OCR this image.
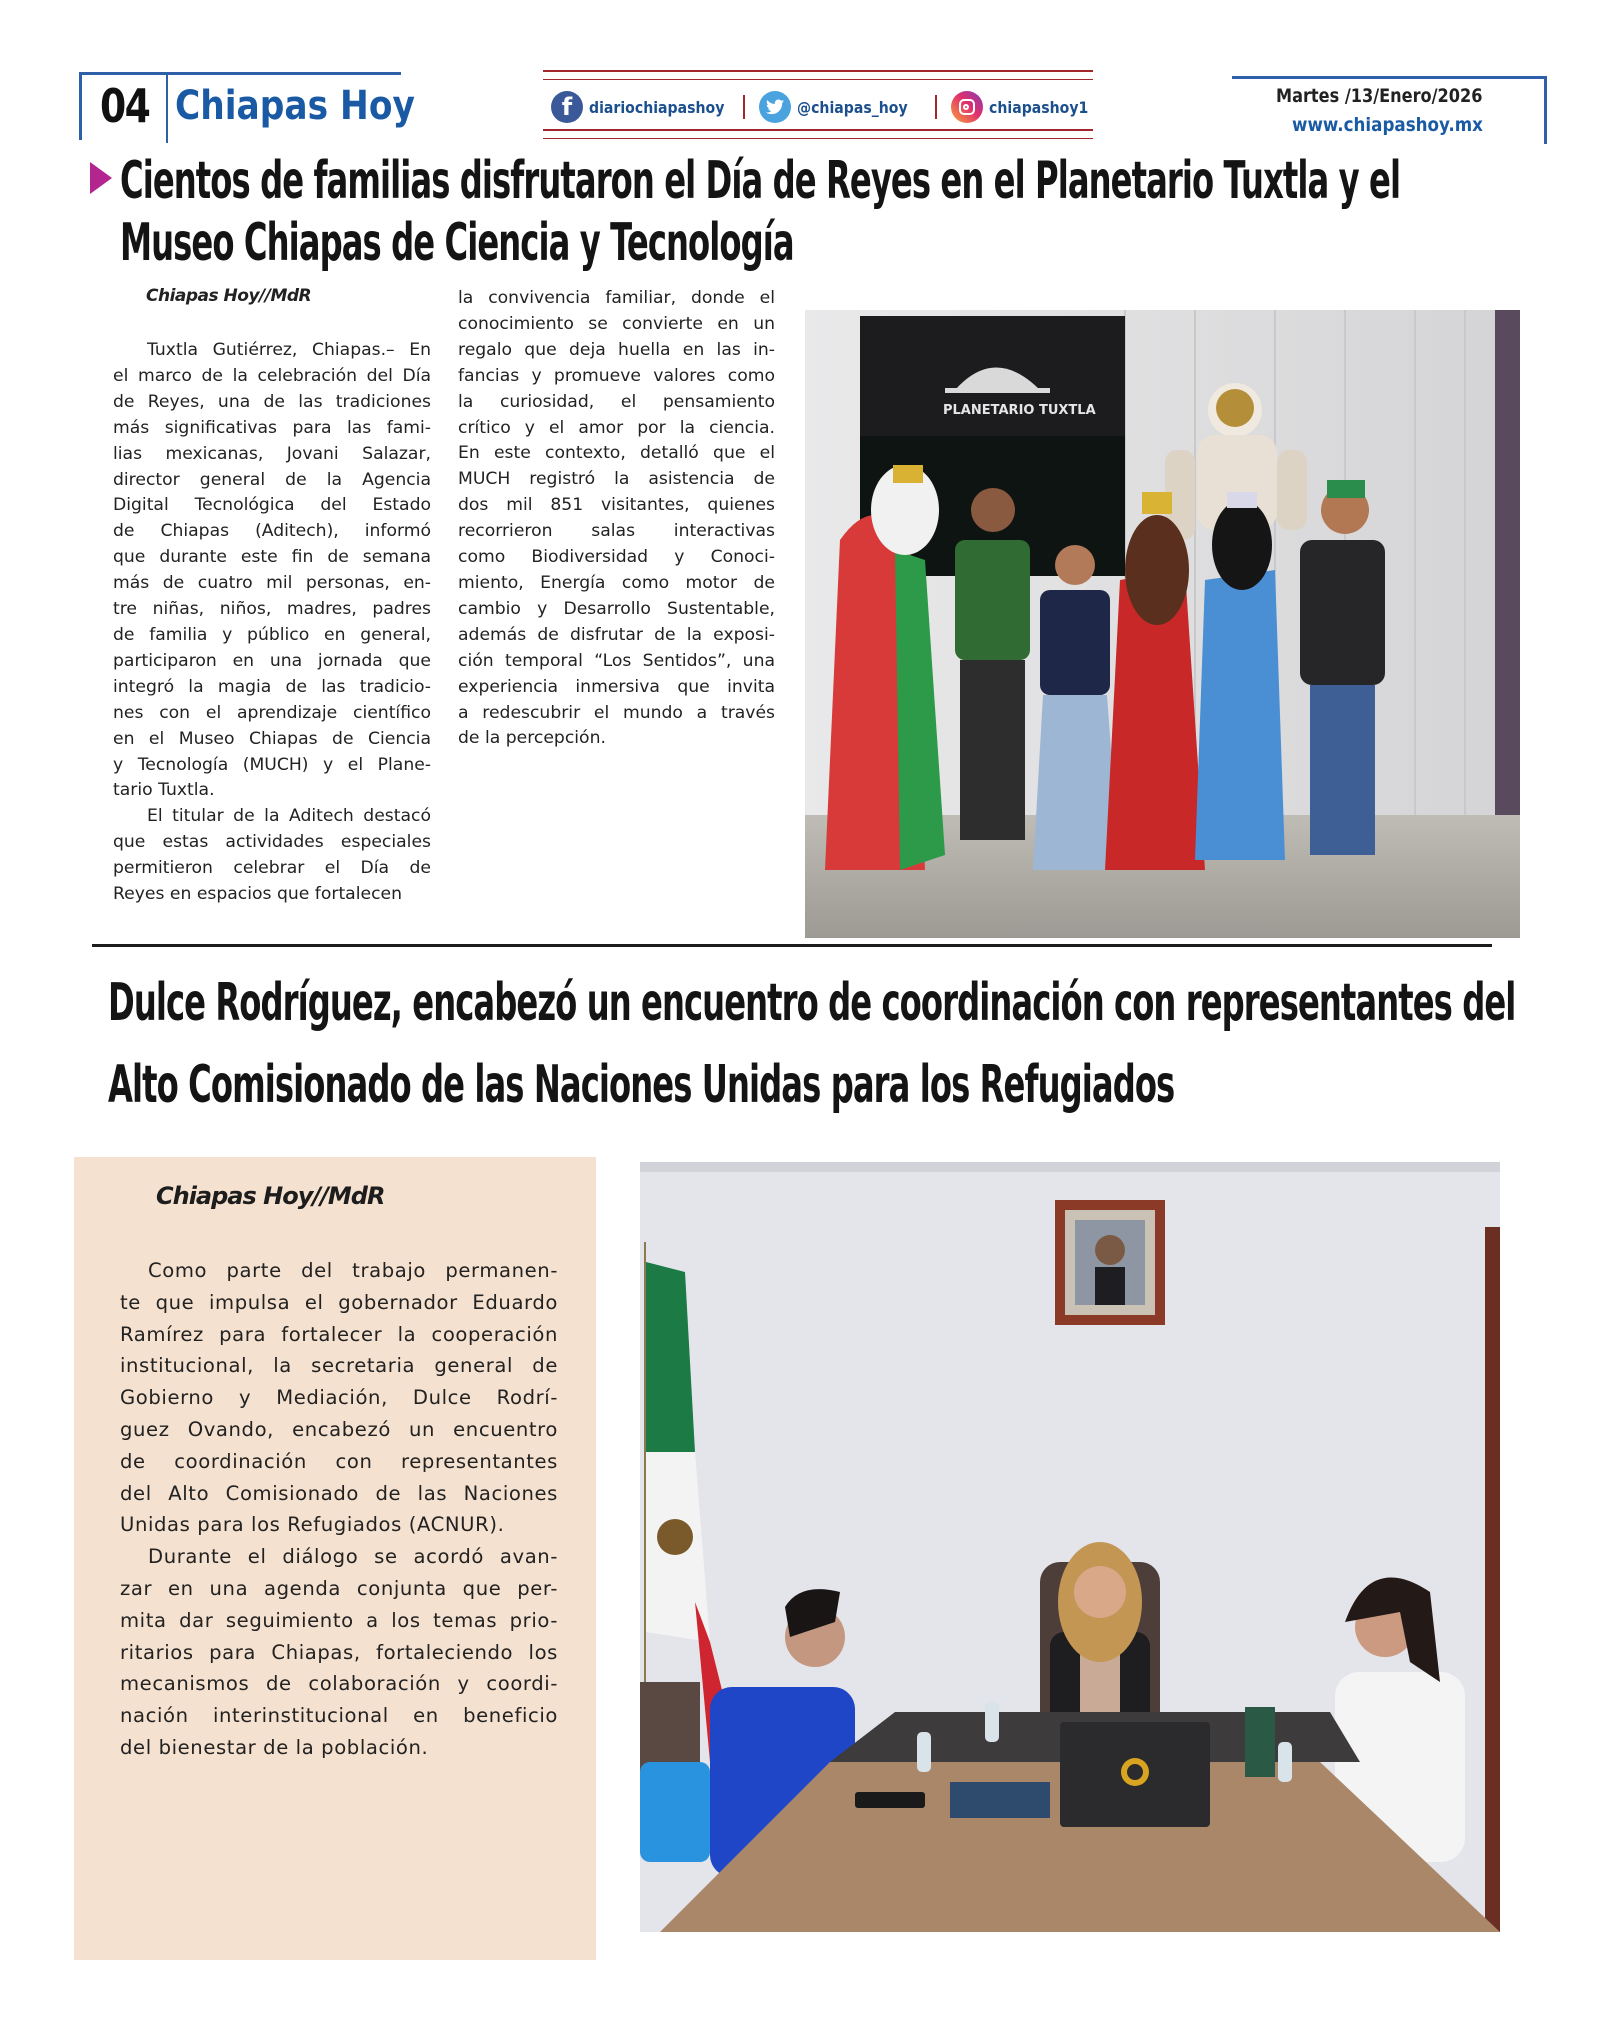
04 Chiapas Hoy	f	diariochiapashoy	@chiapas_hoy	chiapashoy1	Martes /13/Enero/2026
www.chiapashoy.mx
Cientos de familias disfrutaron el Día de Reyes en el Planetario Tuxtla y el
Museo Chiapas de Ciencia y Tecnología
Chiapas Hoy//MdR
Tuxtla Gutiérrez, Chiapas.– En
el marco de la celebración del Día
de Reyes, una de las tradiciones
más significativas para las fami-
lias mexicanas, Jovani Salazar,
director general de la Agencia
Digital Tecnológica del Estado
de Chiapas (Aditech), informó
que durante este fin de semana
más de cuatro mil personas, en-
tre niñas, niños, madres, padres
de familia y público en general,
participaron en una jornada que
integró la magia de las tradicio-
nes con el aprendizaje científico
en el Museo Chiapas de Ciencia
y Tecnología (MUCH) y el Plane-
tario Tuxtla.
El titular de la Aditech destacó
que estas actividades especiales
permitieron celebrar el Día de
Reyes en espacios que fortalecen
la convivencia familiar, donde el
conocimiento se convierte en un
regalo que deja huella en las in-
fancias y promueve valores como
la curiosidad, el pensamiento
crítico y el amor por la ciencia.
En este contexto, detalló que el
MUCH registró la asistencia de
dos mil 851 visitantes, quienes
recorrieron salas interactivas
como Biodiversidad y Conoci-
miento, Energía como motor de
cambio y Desarrollo Sustentable,
además de disfrutar de la exposi-
ción temporal “Los Sentidos”, una
experiencia inmersiva que invita
a redescubrir el mundo a través
de la percepción.
PLANETARIO TUXTLA
Dulce Rodríguez, encabezó un encuentro de coordinación con representantes del
Alto Comisionado de las Naciones Unidas para los Refugiados
Chiapas Hoy//MdR
Como parte del trabajo permanen-
te que impulsa el gobernador Eduardo
Ramírez para fortalecer la cooperación
institucional, la secretaria general de
Gobierno y Mediación, Dulce Rodrí-
guez Ovando, encabezó un encuentro
de coordinación con representantes
del Alto Comisionado de las Naciones
Unidas para los Refugiados (ACNUR).
Durante el diálogo se acordó avan-
zar en una agenda conjunta que per-
mita dar seguimiento a los temas prio-
ritarios para Chiapas, fortaleciendo los
mecanismos de colaboración y coordi-
nación interinstitucional en beneficio
del bienestar de la población.
